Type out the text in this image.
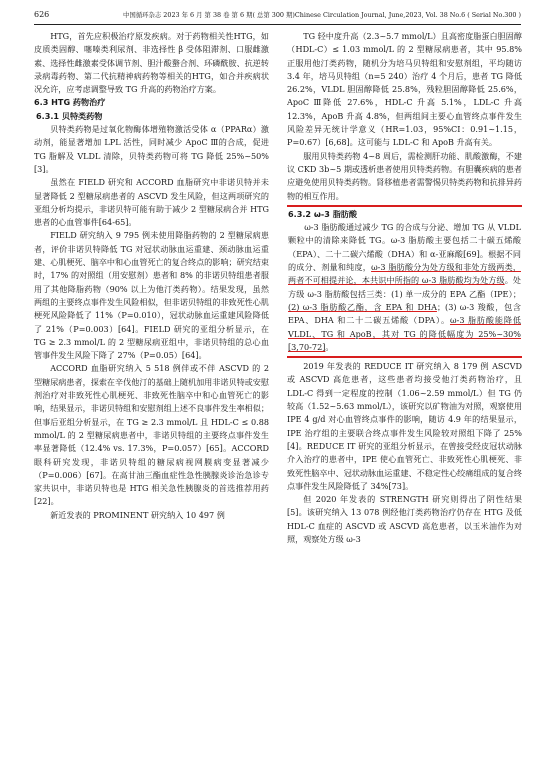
626	中国循环杂志 2023 年 6 月 第 38 卷 第 6 期( 总第 300 期)Chinese Circulation Journal, June,2023, Vol. 38 No.6 ( Serial No.300 )

HTG，首先应积极治疗原发疾病。对于药物相关性HTG，如皮质类固醇、噻嗪类利尿剂、非选择性 β 受体阻滞剂、口服雌激素、选择性雌激素受体调节剂、胆汁酸螯合剂、环磷酰胺、抗逆转录病毒药物、第二代抗精神病药物等相关的HTG，如合并疾病状况允许，应考虑调整导致 TG 升高的药物治疗方案。

6.3 HTG 药物治疗
6.3.1 贝特类药物

贝特类药物是过氧化物酶体增殖物激活受体 α（PPARα）激动剂，能显著增加 LPL 活性，同时减少 ApoC Ⅲ的合成，促进 TG 脂解及 VLDL 清除，贝特类药物可将 TG 降低 25%~50%[3]。

虽然在 FIELD 研究和 ACCORD 血脂研究中非诺贝特并未显著降低 2 型糖尿病患者的 ASCVD 发生风险，但这两项研究的亚组分析均提示，非诺贝特可能有助于减少 2 型糖尿病合并 HTG 患者的心血管事件[64-65]。

FIELD 研究纳入 9 795 例未使用降脂药物的 2 型糖尿病患者，评价非诺贝特降低 TG 对冠状动脉血运重建、颈动脉血运重建、心肌梗死、脑卒中和心血管死亡的复合终点的影响；研究结束时，17% 的对照组（用安慰剂）患者和 8% 的非诺贝特组患者服用了其他降脂药物（90% 以上为他汀类药物）。结果发现，虽然两组的主要终点事件发生风险相似，但非诺贝特组的非致死性心肌梗死风险降低了 11%（P=0.010），冠状动脉血运重建风险降低了 21%（P=0.003）[64]。FIELD 研究的亚组分析显示，在 TG ≥ 2.3 mmol/L 的 2 型糖尿病亚组中，非诺贝特组的总心血管事件发生风险下降了 27%（P=0.05）[64]。

ACCORD 血脂研究纳入 5 518 例伴或不伴 ASCVD 的 2 型糖尿病患者，探索在辛伐他汀的基础上随机加用非诺贝特或安慰剂治疗对非致死性心肌梗死、非致死性脑卒中和心血管死亡的影响，结果显示，非诺贝特组和安慰剂组上述不良事件发生率相似；但事后亚组分析显示，在 TG ≥ 2.3 mmol/L 且 HDL-C ≤ 0.88 mmol/L 的 2 型糖尿病患者中，非诺贝特组的主要终点事件发生率显著降低（12.4% vs. 17.3%，P=0.057）[65]。ACCORD 眼科研究发现，非诺贝特组的糖尿病视网膜病变显著减少（P=0.006）[67]。在高甘油三酯血症性急性胰腺炎诊治急诊专家共识中，非诺贝特也是 HTG 相关急性胰腺炎的首选推荐用药[22]。

新近发表的 PROMINENT 研究纳入 10 497 例

TG 轻中度升高（2.3~5.7 mmol/L）且高密度脂蛋白胆固醇（HDL-C）≤ 1.03 mmol/L 的 2 型糖尿病患者，其中 95.8% 正服用他汀类药物，随机分为培马贝特组和安慰剂组，平均随访 3.4 年，培马贝特组（n=5 240）治疗 4 个月后，患者 TG 降低 26.2%，VLDL 胆固醇降低 25.8%，残粒胆固醇降低 25.6%，ApoC Ⅲ降低 27.6%，HDL-C 升高 5.1%，LDL-C 升高 12.3%，ApoB 升高 4.8%，但两组间主要心血管终点事件发生风险差异无统计学意义（HR=1.03，95%CI：0.91~1.15，P=0.67）[6,68]。这可能与 LDL-C 和 ApoB 升高有关。

服用贝特类药物 4~8 周后，需检测肝功能、肌酸激酶，不建议 CKD 3b~5 期或透析患者使用贝特类药物。有胆囊疾病的患者应避免使用贝特类药物。肾移植患者需警惕贝特类药物和抗排异药物的相互作用。

6.3.2 ω-3 脂肪酸

ω-3 脂肪酸通过减少 TG 的合成与分泌、增加 TG 从 VLDL 颗粒中的清除来降低 TG。ω-3 脂肪酸主要包括二十碳五烯酸（EPA）、二十二碳六烯酸（DHA）和 α-亚麻酸[69]。根据不同的成分、剂量和纯度，ω-3 脂肪酸分为处方级和非处方级两类，两者不可相提并论，本共识中所指的 ω-3 脂肪酸均为处方级。处方级 ω-3 脂肪酸包括三类：(1) 单一成分的 EPA 乙酯（IPE）；(2) ω-3 脂肪酸乙酯，含 EPA 和 DHA；(3) ω-3 羧酸，包含 EPA、DHA 和二十二碳五烯酸（DPA）。ω-3 脂肪酸能降低 VLDL、TG 和 ApoB，其对 TG 的降低幅度为 25%~30%[3,70-72]。

2019 年发表的 REDUCE IT 研究纳入 8 179 例 ASCVD 或 ASCVD 高危患者，这些患者均接受他汀类药物治疗，且 LDL-C 得到一定程度的控制（1.06~2.59 mmol/L）但 TG 仍较高（1.52~5.63 mmol/L），该研究以矿物油为对照，观察使用 IPE 4 g/d 对心血管终点事件的影响，随访 4.9 年的结果显示，IPE 治疗组的主要联合终点事件发生风险较对照组下降了 25%[4]。REDUCE IT 研究的亚组分析显示，在曾接受经皮冠状动脉介入治疗的患者中，IPE 使心血管死亡、非致死性心肌梗死、非致死性脑卒中、冠状动脉血运重建、不稳定性心绞痛组成的复合终点事件发生风险降低了 34%[73]。

但 2020 年发表的 STRENGTH 研究则得出了阴性结果[5]。该研究纳入 13 078 例经他汀类药物治疗仍存在 HTG 及低 HDL-C 血症的 ASCVD 或 ASCVD 高危患者，以玉米油作为对照，观察处方级 ω-3
